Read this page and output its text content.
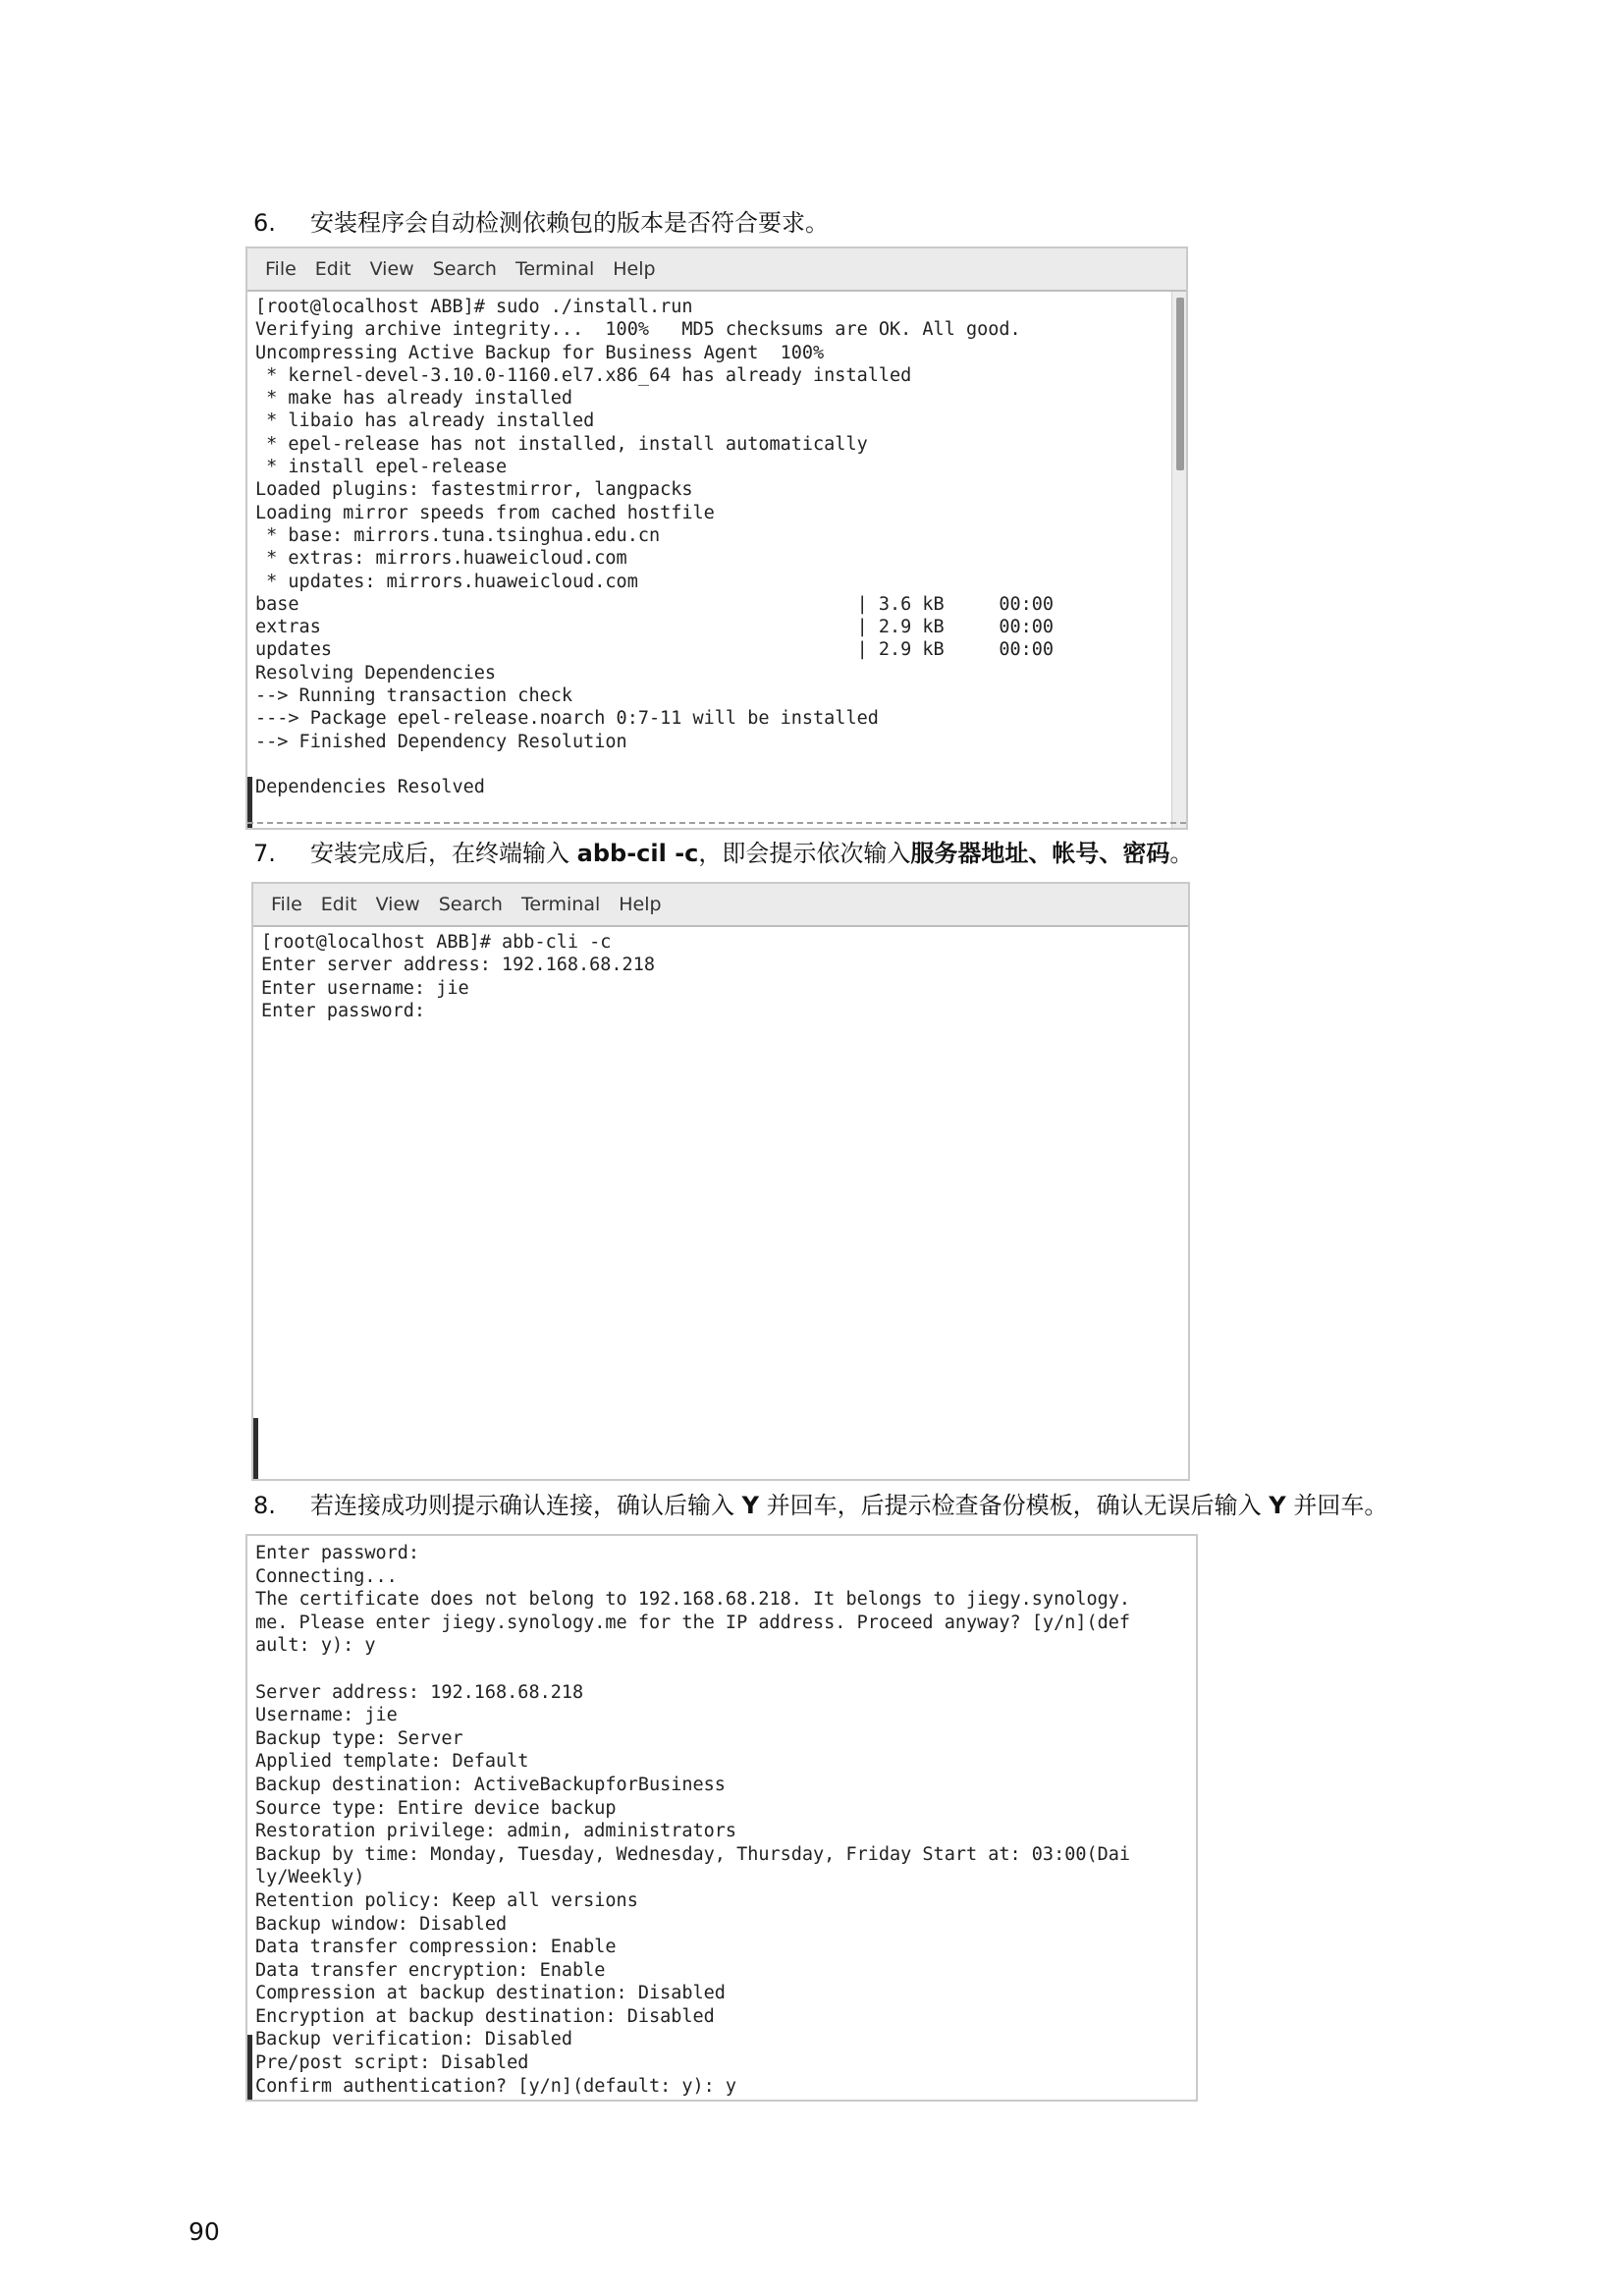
6. 安装程序会自动检测依赖包的版本是否符合要求。
File Edit View Search Terminal Help
[root@localhost ABB]# sudo ./install.run
Verifying archive integrity...  100%   MD5 checksums are OK. All good.
Uncompressing Active Backup for Business Agent  100%
* kernel-devel-3.10.0-1160.el7.x86_64 has already installed
* make has already installed
* libaio has already installed
* epel-release has not installed, install automatically
* install epel-release
Loaded plugins: fastestmirror, langpacks
Loading mirror speeds from cached hostfile
* base: mirrors.tuna.tsinghua.edu.cn
* extras: mirrors.huaweicloud.com
* updates: mirrors.huaweicloud.com
base                                                   | 3.6 kB     00:00
extras                                                 | 2.9 kB     00:00
updates                                                | 2.9 kB     00:00
Resolving Dependencies
--> Running transaction check
---> Package epel-release.noarch 0:7-11 will be installed
--> Finished Dependency Resolution

Dependencies Resolved
7. 安装完成后，在终端输入 abb-cil -c，即会提示依次输入服务器地址、帐号、密码。
File Edit View Search Terminal Help
[root@localhost ABB]# abb-cli -c
Enter server address: 192.168.68.218
Enter username: jie
Enter password:
8. 若连接成功则提示确认连接，确认后输入 Y 并回车，后提示检查备份模板，确认无误后输入 Y 并回车。
Enter password:
Connecting...
The certificate does not belong to 192.168.68.218. It belongs to jiegy.synology.
me. Please enter jiegy.synology.me for the IP address. Proceed anyway? [y/n](def
ault: y): y

Server address: 192.168.68.218
Username: jie
Backup type: Server
Applied template: Default
Backup destination: ActiveBackupforBusiness
Source type: Entire device backup
Restoration privilege: admin, administrators
Backup by time: Monday, Tuesday, Wednesday, Thursday, Friday Start at: 03:00(Dai
ly/Weekly)
Retention policy: Keep all versions
Backup window: Disabled
Data transfer compression: Enable
Data transfer encryption: Enable
Compression at backup destination: Disabled
Encryption at backup destination: Disabled
Backup verification: Disabled
Pre/post script: Disabled
Confirm authentication? [y/n](default: y): y
90
